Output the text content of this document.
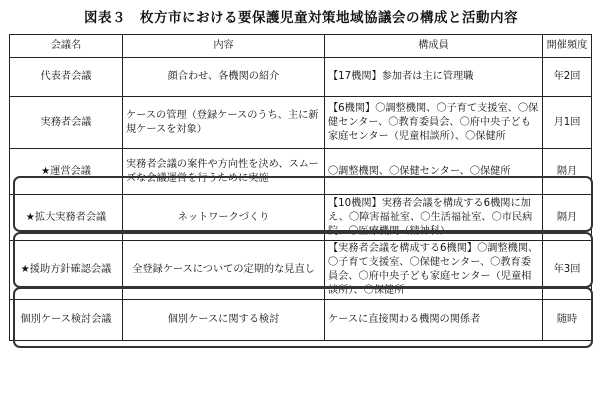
図表３　枚方市における要保護児童対策地域協議会の構成と活動内容
会議名	内容	構成員	開催頻度
代表者会議	顔合わせ、各機関の紹介	【17機関】参加者は主に管理職	年2回
実務者会議	ケースの管理（登録ケースのうち、主に新規ケースを対象）	【6機関】〇調整機関、〇子育て支援室、〇保健センター、〇教育委員会、〇府中央子ども家庭センター（児童相談所）、〇保健所	月1回
★運営会議	実務者会議の案件や方向性を決め、スムーズな会議運営を行うために実施	〇調整機関、〇保健センター、〇保健所	隔月
★拡大実務者会議	ネットワークづくり	【10機関】実務者会議を構成する6機関に加え、〇障害福祉室、〇生活福祉室、〇市民病院、〇医療機関（精神科）	隔月
★援助方針確認会議	全登録ケースについての定期的な見直し	【実務者会議を構成する6機関】〇調整機関、〇子育て支援室、〇保健センター、〇教育委員会、〇府中央子ども家庭センター（児童相談所）、〇保健所	年3回
個別ケース検討会議	個別ケースに関する検討	ケースに直接関わる機関の関係者	随時
